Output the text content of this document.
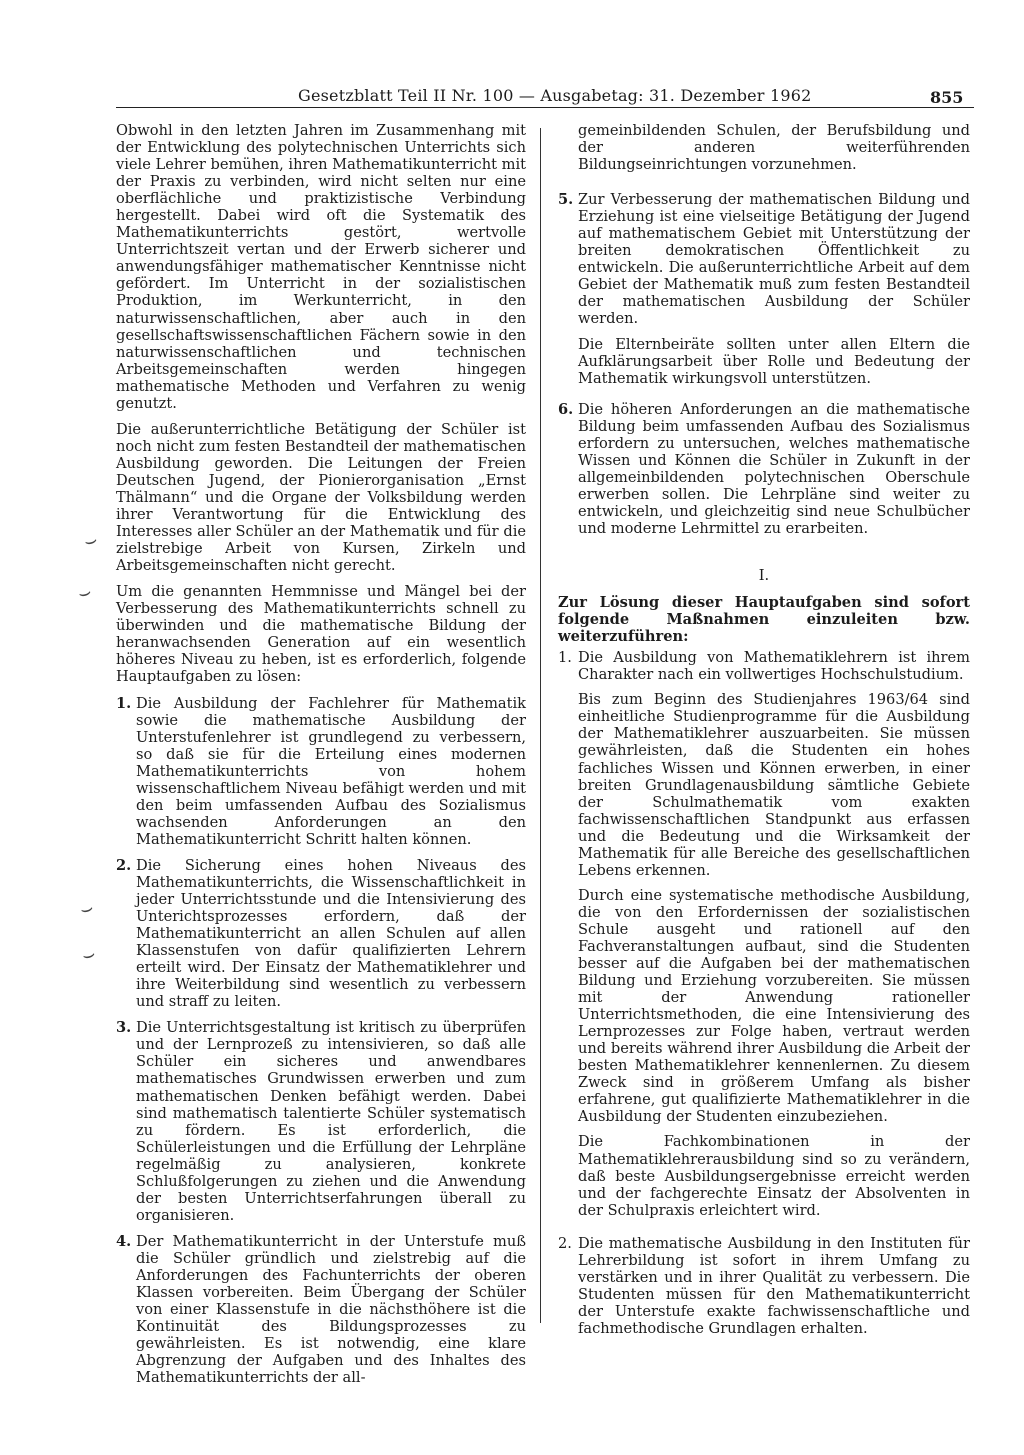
Gesetzblatt Teil II Nr. 100 — Ausgabetag: 31. Dezember 1962	855
⌣
⌣
⌣
⌣

Obwohl in den letzten Jahren im Zusammenhang mit der Entwicklung des polytechnischen Unterrichts sich viele Lehrer bemühen, ihren Mathematikunterricht mit der Praxis zu verbinden, wird nicht selten nur eine oberflächliche und praktizistische Verbindung hergestellt. Dabei wird oft die Systematik des Mathematikunterrichts gestört, wertvolle Unterrichtszeit vertan und der Erwerb sicherer und anwendungsfähiger mathematischer Kenntnisse nicht gefördert. Im Unterricht in der sozialistischen Produktion, im Werkunterricht, in den naturwissenschaftlichen, aber auch in den gesellschaftswissenschaftlichen Fächern sowie in den naturwissenschaftlichen und technischen Arbeitsgemeinschaften werden hingegen mathematische Methoden und Verfahren zu wenig genutzt.

Die außerunterrichtliche Betätigung der Schüler ist noch nicht zum festen Bestandteil der mathematischen Ausbildung geworden. Die Leitungen der Freien Deutschen Jugend, der Pionierorganisation „Ernst Thälmann“ und die Organe der Volksbildung werden ihrer Verantwortung für die Entwicklung des Interesses aller Schüler an der Mathematik und für die zielstrebige Arbeit von Kursen, Zirkeln und Arbeitsgemeinschaften nicht gerecht.

Um die genannten Hemmnisse und Mängel bei der Verbesserung des Mathematikunterrichts schnell zu überwinden und die mathematische Bildung der heranwachsenden Generation auf ein wesentlich höheres Niveau zu heben, ist es erforderlich, folgende Hauptaufgaben zu lösen:

1. Die Ausbildung der Fachlehrer für Mathematik sowie die mathematische Ausbildung der Unterstufenlehrer ist grundlegend zu verbessern, so daß sie für die Erteilung eines modernen Mathematikunterrichts von hohem wissenschaftlichem Niveau befähigt werden und mit den beim umfassenden Aufbau des Sozialismus wachsenden Anforderungen an den Mathematikunterricht Schritt halten können.

2. Die Sicherung eines hohen Niveaus des Mathematikunterrichts, die Wissenschaftlichkeit in jeder Unterrichtsstunde und die Intensivierung des Unterichtsprozesses erfordern, daß der Mathematikunterricht an allen Schulen auf allen Klassenstufen von dafür qualifizierten Lehrern erteilt wird. Der Einsatz der Mathematiklehrer und ihre Weiterbildung sind wesentlich zu verbessern und straff zu leiten.

3. Die Unterrichtsgestaltung ist kritisch zu überprüfen und der Lernprozeß zu intensivieren, so daß alle Schüler ein sicheres und anwendbares mathematisches Grundwissen erwerben und zum mathematischen Denken befähigt werden. Dabei sind mathematisch talentierte Schüler systematisch zu fördern. Es ist erforderlich, die Schülerleistungen und die Erfüllung der Lehrpläne regelmäßig zu analysieren, konkrete Schlußfolgerungen zu ziehen und die Anwendung der besten Unterrichtserfahrungen überall zu organisieren.

4. Der Mathematikunterricht in der Unterstufe muß die Schüler gründlich und zielstrebig auf die Anforderungen des Fachunterrichts der oberen Klassen vorbereiten. Beim Übergang der Schüler von einer Klassenstufe in die nächsthöhere ist die Kontinuität des Bildungsprozesses zu gewährleisten. Es ist notwendig, eine klare Abgrenzung der Aufgaben und des Inhaltes des Mathematikunterrichts der all-

gemeinbildenden Schulen, der Berufsbildung und der anderen weiterführenden Bildungseinrichtungen vorzunehmen.

5. Zur Verbesserung der mathematischen Bildung und Erziehung ist eine vielseitige Betätigung der Jugend auf mathematischem Gebiet mit Unterstützung der breiten demokratischen Öffentlichkeit zu entwickeln. Die außerunterrichtliche Arbeit auf dem Gebiet der Mathematik muß zum festen Bestandteil der mathematischen Ausbildung der Schüler werden.

Die Elternbeiräte sollten unter allen Eltern die Aufklärungsarbeit über Rolle und Bedeutung der Mathematik wirkungsvoll unterstützen.

6. Die höheren Anforderungen an die mathematische Bildung beim umfassenden Aufbau des Sozialismus erfordern zu untersuchen, welches mathematische Wissen und Können die Schüler in Zukunft in der allgemeinbildenden polytechnischen Oberschule erwerben sollen. Die Lehrpläne sind weiter zu entwickeln, und gleichzeitig sind neue Schulbücher und moderne Lehrmittel zu erarbeiten.

I.

Zur Lösung dieser Hauptaufgaben sind sofort folgende Maßnahmen einzuleiten bzw. weiterzuführen:

1. Die Ausbildung von Mathematiklehrern ist ihrem Charakter nach ein vollwertiges Hochschulstudium.

Bis zum Beginn des Studienjahres 1963/64 sind einheitliche Studienprogramme für die Ausbildung der Mathematiklehrer auszuarbeiten. Sie müssen gewährleisten, daß die Studenten ein hohes fachliches Wissen und Können erwerben, in einer breiten Grundlagenausbildung sämtliche Gebiete der Schulmathematik vom exakten fachwissenschaftlichen Standpunkt aus erfassen und die Bedeutung und die Wirksamkeit der Mathematik für alle Bereiche des gesellschaftlichen Lebens erkennen.

Durch eine systematische methodische Ausbildung, die von den Erfordernissen der sozialistischen Schule ausgeht und rationell auf den Fachveranstaltungen aufbaut, sind die Studenten besser auf die Aufgaben bei der mathematischen Bildung und Erziehung vorzubereiten. Sie müssen mit der Anwendung rationeller Unterrichtsmethoden, die eine Intensivierung des Lernprozesses zur Folge haben, vertraut werden und bereits während ihrer Ausbildung die Arbeit der besten Mathematiklehrer kennenlernen. Zu diesem Zweck sind in größerem Umfang als bisher erfahrene, gut qualifizierte Mathematiklehrer in die Ausbildung der Studenten einzubeziehen.

Die Fachkombinationen in der Mathematiklehrerausbildung sind so zu verändern, daß beste Ausbildungsergebnisse erreicht werden und der fachgerechte Einsatz der Absolventen in der Schulpraxis erleichtert wird.

2. Die mathematische Ausbildung in den Instituten für Lehrerbildung ist sofort in ihrem Umfang zu verstärken und in ihrer Qualität zu verbessern. Die Studenten müssen für den Mathematikunterricht der Unterstufe exakte fachwissenschaftliche und fachmethodische Grundlagen erhalten.
